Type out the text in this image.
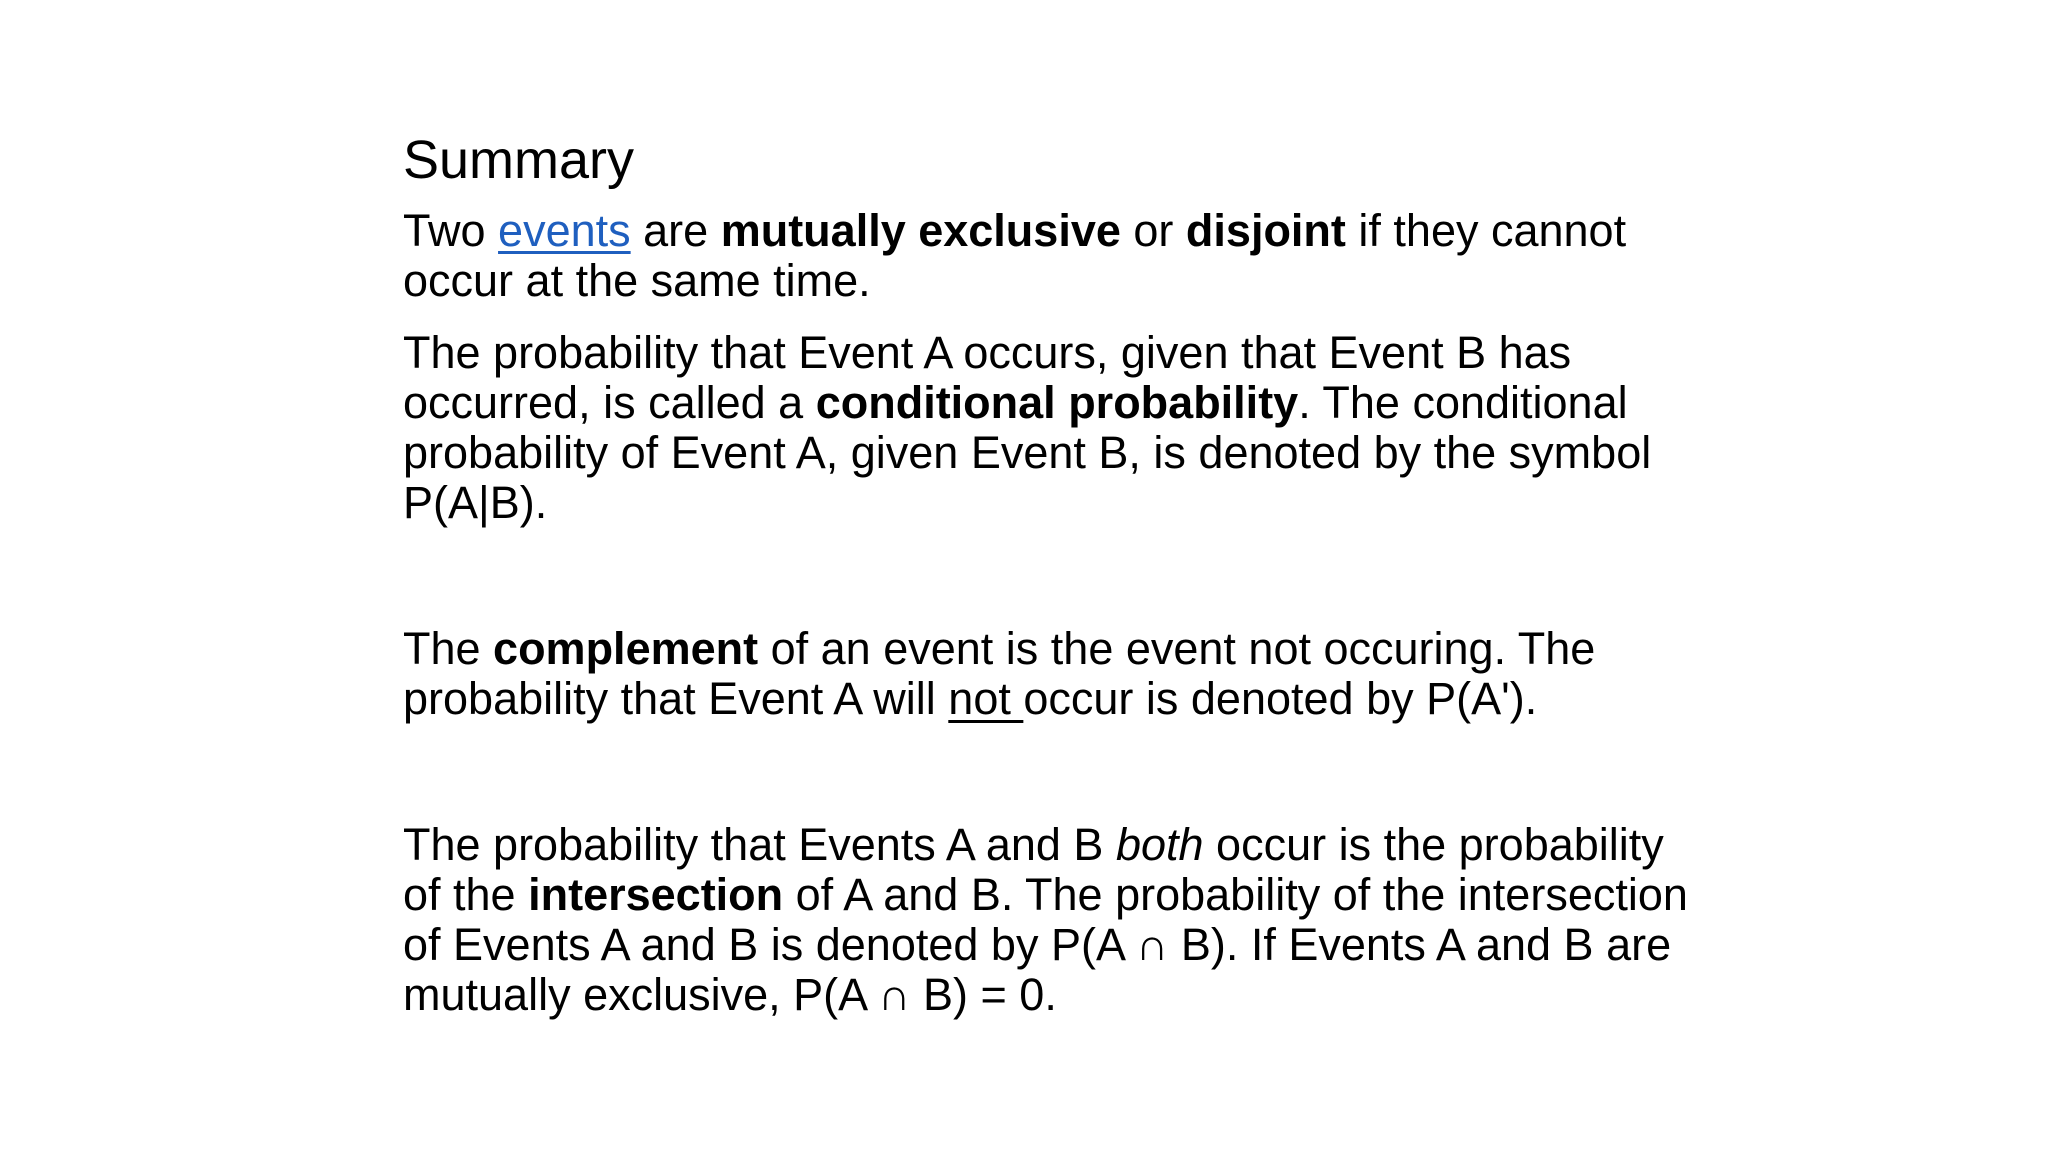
Summary

Two events are mutually exclusive or disjoint if they cannot occur at the same time.

The probability that Event A occurs, given that Event B has occurred, is called a conditional probability. The conditional probability of Event A, given Event B, is denoted by the symbol P(A|B).

The complement of an event is the event not occuring. The probability that Event A will not occur is denoted by P(A').

The probability that Events A and B both occur is the probability of the intersection of A and B. The probability of the intersection of Events A and B is denoted by P(A ∩ B). If Events A and B are mutually exclusive, P(A ∩ B) = 0.
